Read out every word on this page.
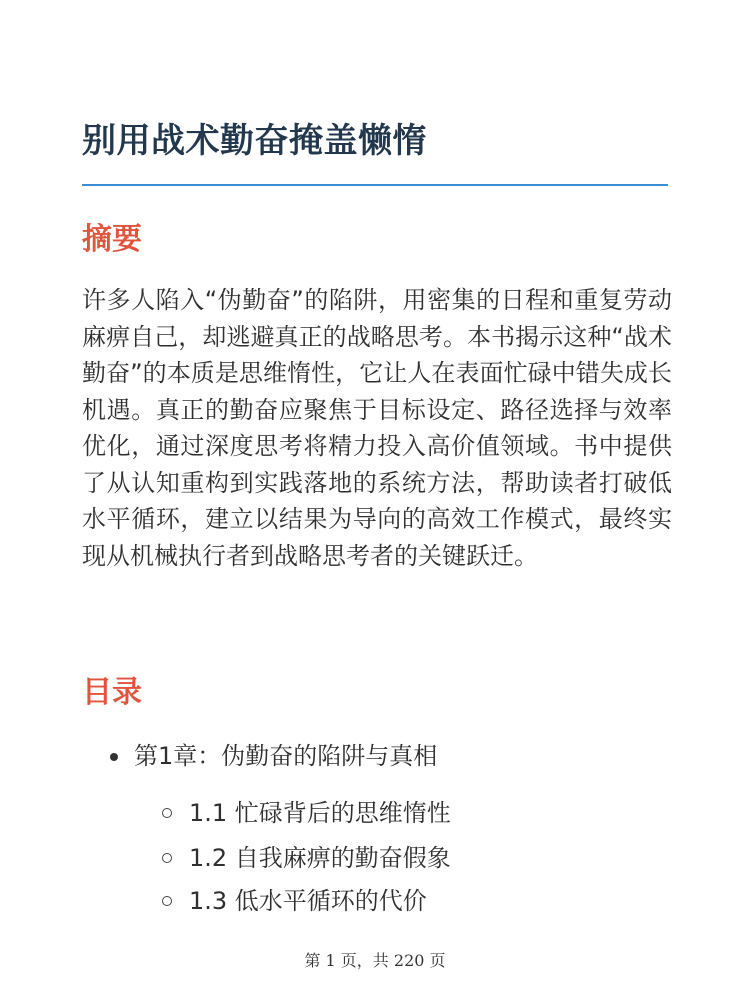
别用战术勤奋掩盖懒惰
摘要

许多人陷入“伪勤奋”的陷阱，用密集的日程和重复劳动麻痹自己，却逃避真正的战略思考。本书揭示这种“战术勤奋”的本质是思维惰性，它让人在表面忙碌中错失成长机遇。真正的勤奋应聚焦于目标设定、路径选择与效率优化，通过深度思考将精力投入高价值领域。书中提供了从认知重构到实践落地的系统方法，帮助读者打破低水平循环，建立以结果为导向的高效工作模式，最终实现从机械执行者到战略思考者的关键跃迁。

目录
第1章：伪勤奋的陷阱与真相
1.1 忙碌背后的思维惰性
1.2 自我麻痹的勤奋假象
1.3 低水平循环的代价
第 1 页，共 220 页
